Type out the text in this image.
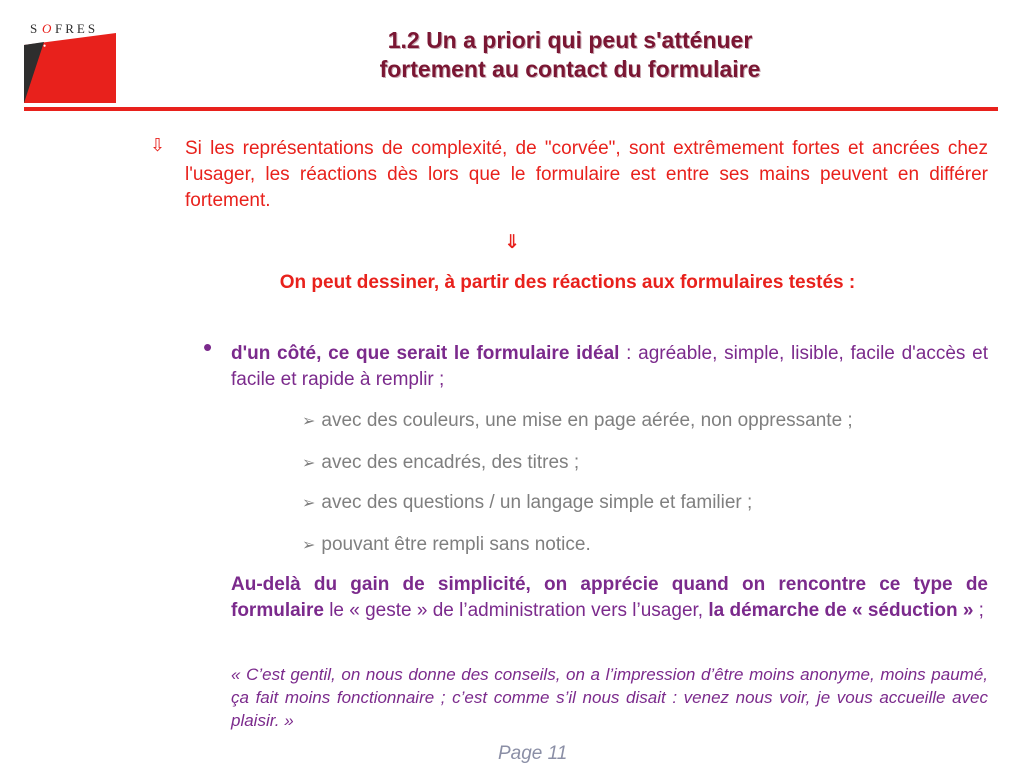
S O FRES
•	1.2 Un a priori qui peut s'atténuer
fortement au contact du formulaire
⇩ Si les représentations de complexité, de "corvée", sont extrêmement fortes et ancrées chez l'usager, les réactions dès lors que le formulaire est entre ses mains peuvent en différer fortement.
⇓
On peut dessiner, à partir des réactions aux formulaires testés :
• d'un côté, ce que serait le formulaire idéal : agréable, simple, lisible, facile d'accès et facile et rapide à remplir ;
➢ avec des couleurs, une mise en page aérée, non oppressante ;
➢ avec des encadrés, des titres ;
➢ avec des questions / un langage simple et familier ;
➢ pouvant être rempli sans notice.
Au-delà du gain de simplicité, on apprécie quand on rencontre ce type de formulaire le « geste » de l’administration vers l’usager, la démarche de « séduction » ;
« C’est gentil, on nous donne des conseils, on a l’impression d’être moins anonyme, moins paumé, ça fait moins fonctionnaire ; c’est comme s’il nous disait : venez nous voir, je vous accueille avec plaisir. »
Page 11
